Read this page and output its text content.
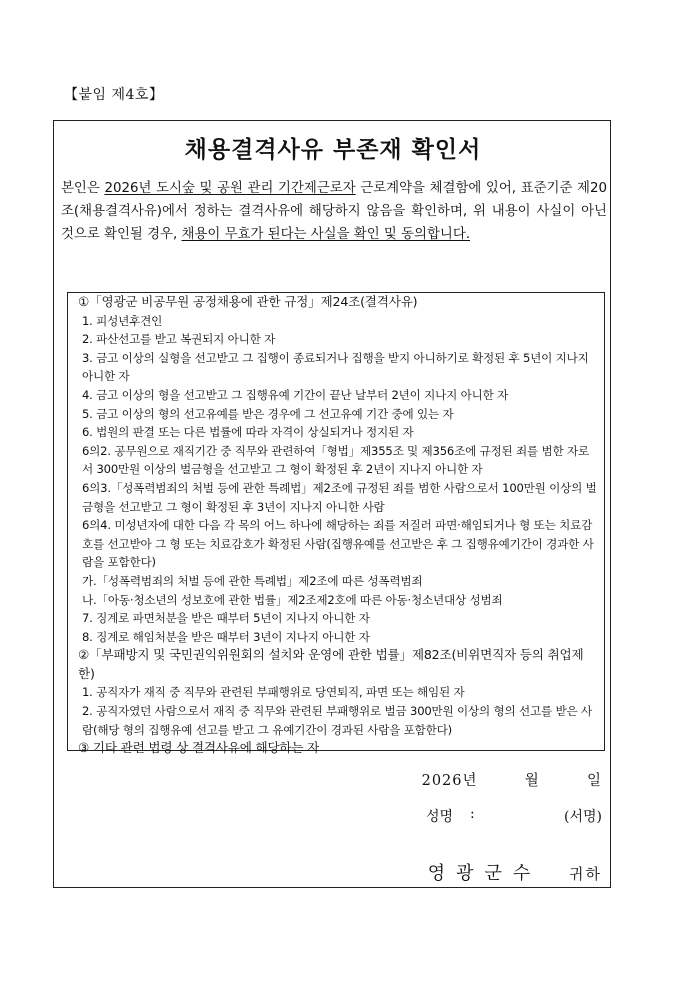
【붙임 제4호】
채용결격사유 부존재 확인서
본인은 2026년 도시숲 및 공원 관리 기간제근로자 근로계약을 체결함에 있어, 표준기준 제20조(채용결격사유)에서 정하는 결격사유에 해당하지 않음을 확인하며, 위 내용이 사실이 아닌 것으로 확인될 경우, 채용이 무효가 된다는 사실을 확인 및 동의합니다.

①「영광군 비공무원 공정채용에 관한 규정」제24조(결격사유)

1. 피성년후견인

2. 파산선고를 받고 복권되지 아니한 자

3. 금고 이상의 실형을 선고받고 그 집행이 종료되거나 집행을 받지 아니하기로 확정된 후 5년이 지나지 아니한 자

4. 금고 이상의 형을 선고받고 그 집행유예 기간이 끝난 날부터 2년이 지나지 아니한 자

5. 금고 이상의 형의 선고유예를 받은 경우에 그 선고유예 기간 중에 있는 자

6. 법원의 판결 또는 다른 법률에 따라 자격이 상실되거나 정지된 자

6의2. 공무원으로 재직기간 중 직무와 관련하여「형법」제355조 및 제356조에 규정된 죄를 범한 자로서 300만원 이상의 벌금형을 선고받고 그 형이 확정된 후 2년이 지나지 아니한 자

6의3.「성폭력범죄의 처벌 등에 관한 특례법」제2조에 규정된 죄를 범한 사람으로서 100만원 이상의 벌금형을 선고받고 그 형이 확정된 후 3년이 지나지 아니한 사람

6의4. 미성년자에 대한 다음 각 목의 어느 하나에 해당하는 죄를 저질러 파면·해임되거나 형 또는 치료감호를 선고받아 그 형 또는 치료감호가 확정된 사람(집행유예를 선고받은 후 그 집행유예기간이 경과한 사람을 포함한다)

가.「성폭력범죄의 처벌 등에 관한 특례법」제2조에 따른 성폭력범죄

나.「아동·청소년의 성보호에 관한 법률」제2조제2호에 따른 아동·청소년대상 성범죄

7. 징계로 파면처분을 받은 때부터 5년이 지나지 아니한 자

8. 징계로 해임처분을 받은 때부터 3년이 지나지 아니한 자

②「부패방지 및 국민권익위원회의 설치와 운영에 관한 법률」제82조(비위면직자 등의 취업제한)

1. 공직자가 재직 중 직무와 관련된 부패행위로 당연퇴직, 파면 또는 해임된 자

2. 공직자였던 사람으로서 재직 중 직무와 관련된 부패행위로 벌금 300만원 이상의 형의 선고를 받은 사람(해당 형의 집행유예 선고를 받고 그 유예기간이 경과된 사람을 포함한다)

③ 기타 관련 법령 상 결격사유에 해당하는 자

2026년	월	일
성명 :	(서명)
영광군수 귀하
